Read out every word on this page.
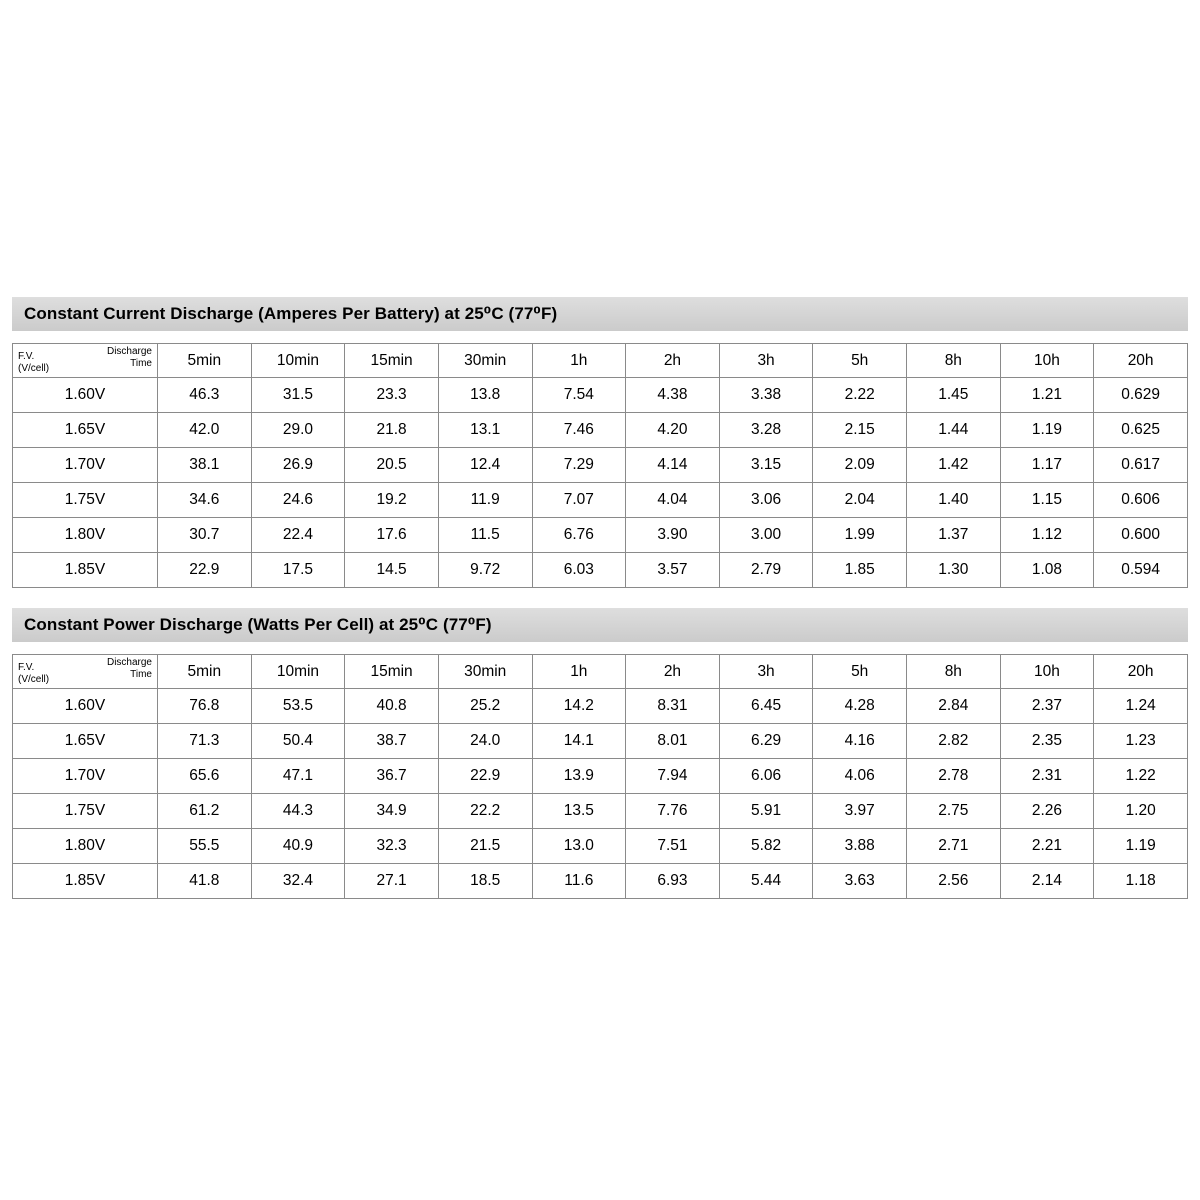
Constant Current Discharge (Amperes Per Battery) at 25⁰C (77⁰F)
Discharge
Time
F.V.
(V/cell)	5min	10min	15min	30min	1h	2h	3h	5h	8h	10h	20h
1.60V	46.3	31.5	23.3	13.8	7.54	4.38	3.38	2.22	1.45	1.21	0.629
1.65V	42.0	29.0	21.8	13.1	7.46	4.20	3.28	2.15	1.44	1.19	0.625
1.70V	38.1	26.9	20.5	12.4	7.29	4.14	3.15	2.09	1.42	1.17	0.617
1.75V	34.6	24.6	19.2	11.9	7.07	4.04	3.06	2.04	1.40	1.15	0.606
1.80V	30.7	22.4	17.6	11.5	6.76	3.90	3.00	1.99	1.37	1.12	0.600
1.85V	22.9	17.5	14.5	9.72	6.03	3.57	2.79	1.85	1.30	1.08	0.594
Constant Power Discharge (Watts Per Cell) at 25⁰C (77⁰F)
Discharge
Time
F.V.
(V/cell)	5min	10min	15min	30min	1h	2h	3h	5h	8h	10h	20h
1.60V	76.8	53.5	40.8	25.2	14.2	8.31	6.45	4.28	2.84	2.37	1.24
1.65V	71.3	50.4	38.7	24.0	14.1	8.01	6.29	4.16	2.82	2.35	1.23
1.70V	65.6	47.1	36.7	22.9	13.9	7.94	6.06	4.06	2.78	2.31	1.22
1.75V	61.2	44.3	34.9	22.2	13.5	7.76	5.91	3.97	2.75	2.26	1.20
1.80V	55.5	40.9	32.3	21.5	13.0	7.51	5.82	3.88	2.71	2.21	1.19
1.85V	41.8	32.4	27.1	18.5	11.6	6.93	5.44	3.63	2.56	2.14	1.18
